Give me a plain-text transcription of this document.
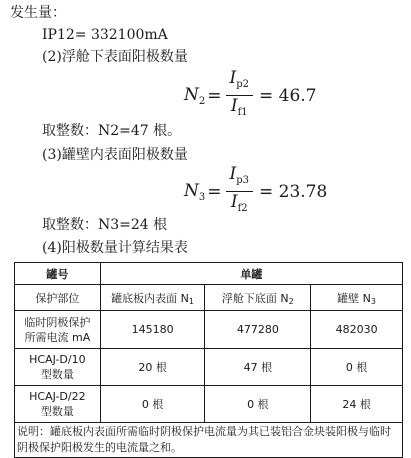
发生量：
IP12= 332100mA
(2)浮舱下表面阳极数量
$N_2 = \frac{I_{p2}}{I_{f1}} = 46.7$
取整数：N2=47 根。
(3)罐壁内表面阳极数量
$N_3 = \frac{I_{p3}}{I_{f2}} = 23.78$
取整数：N3=24 根
(4)阳极数量计算结果表
罐号	单罐		
保护部位	罐底板内表面 N1	浮舱下底面 N2	罐壁 N3

临时阴极保护
所需电流 mA	145180	477280	482030

HCAJ-D/10
型数量	20 根	47 根	0 根

HCAJ-D/22
型数量	0 根	0 根	24 根
说明：罐底板内表面所需临时阴极保护电流量为其已装铝合金块装阳极与临时阴极保护阳极发生的电流量之和。			
